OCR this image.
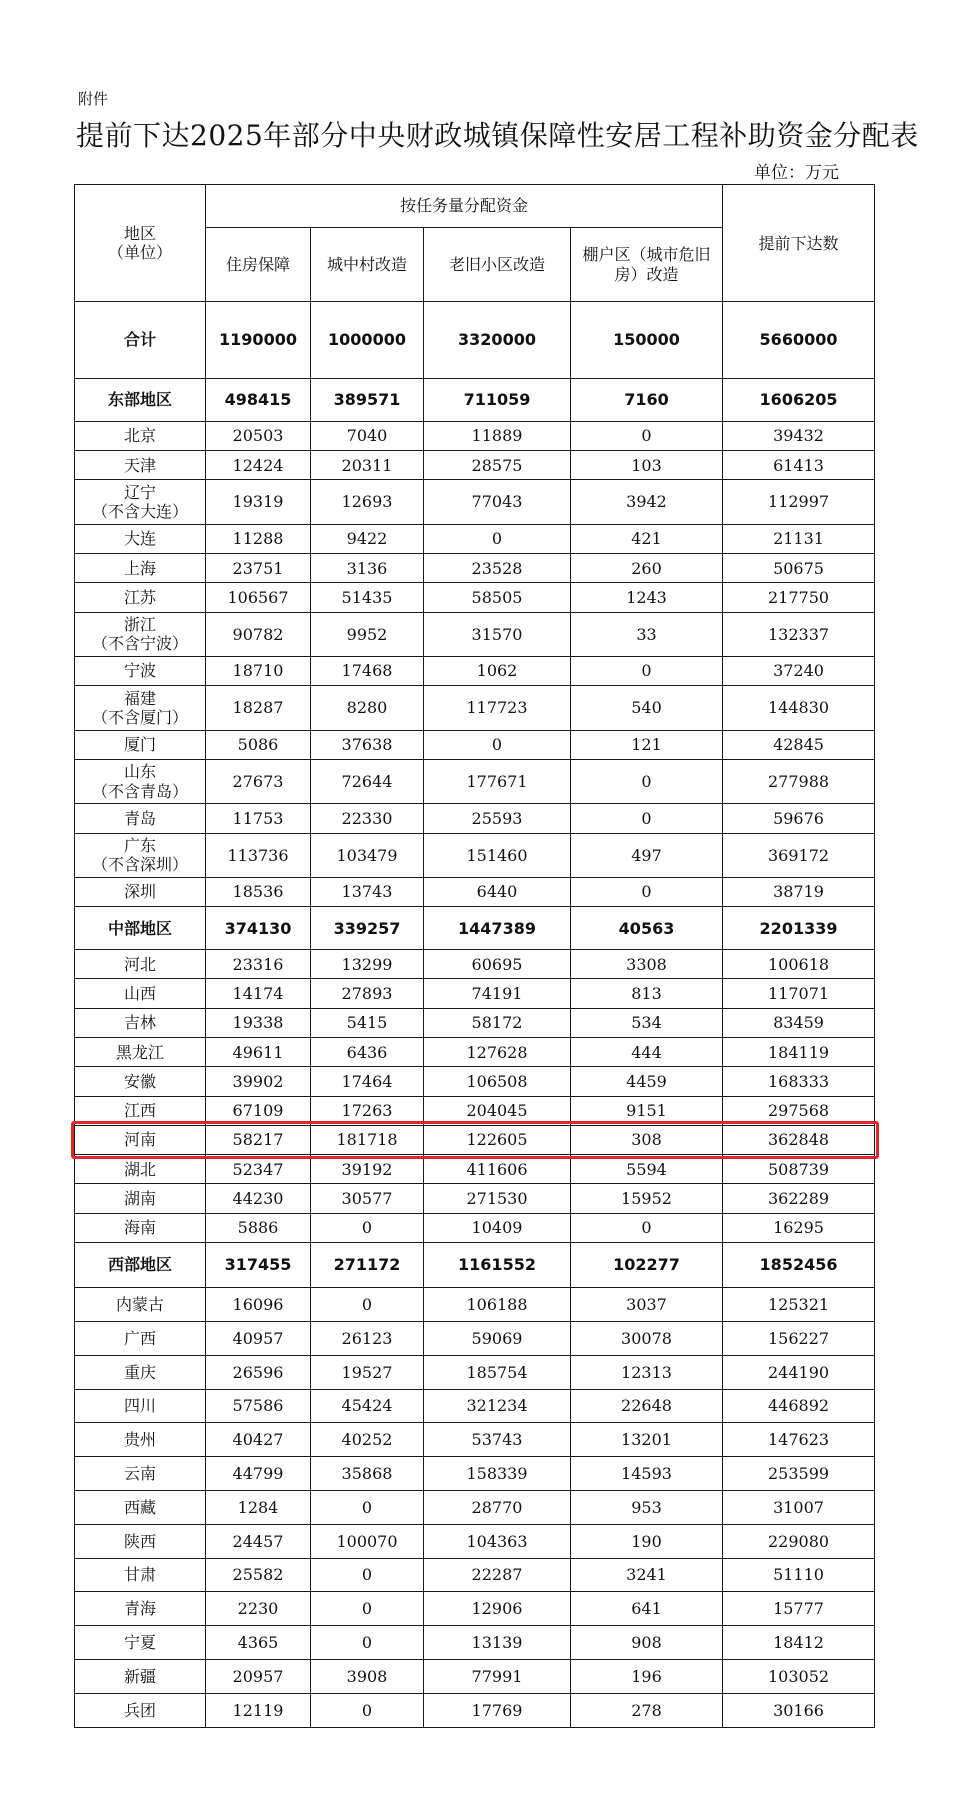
附件
提前下达2025年部分中央财政城镇保障性安居工程补助资金分配表
单位：万元
地区
（单位）	按任务量分配资金				提前下达数
	住房保障	城中村改造	老旧小区改造	棚户区（城市危旧房）改造	

合计	1190000	1000000	3320000	150000	5660000

东部地区	498415	389571	711059	7160	1606205

北京	20503	7040	11889	0	39432

天津	12424	20311	28575	103	61413

辽宁
（不含大连）	19319	12693	77043	3942	112997

大连	11288	9422	0	421	21131

上海	23751	3136	23528	260	50675

江苏	106567	51435	58505	1243	217750

浙江
（不含宁波）	90782	9952	31570	33	132337

宁波	18710	17468	1062	0	37240

福建
（不含厦门）	18287	8280	117723	540	144830

厦门	5086	37638	0	121	42845

山东
（不含青岛）	27673	72644	177671	0	277988

青岛	11753	22330	25593	0	59676

广东
（不含深圳）	113736	103479	151460	497	369172

深圳	18536	13743	6440	0	38719

中部地区	374130	339257	1447389	40563	2201339

河北	23316	13299	60695	3308	100618

山西	14174	27893	74191	813	117071

吉林	19338	5415	58172	534	83459

黑龙江	49611	6436	127628	444	184119

安徽	39902	17464	106508	4459	168333

江西	67109	17263	204045	9151	297568

河南	58217	181718	122605	308	362848

湖北	52347	39192	411606	5594	508739

湖南	44230	30577	271530	15952	362289

海南	5886	0	10409	0	16295

西部地区	317455	271172	1161552	102277	1852456

内蒙古	16096	0	106188	3037	125321

广西	40957	26123	59069	30078	156227

重庆	26596	19527	185754	12313	244190

四川	57586	45424	321234	22648	446892

贵州	40427	40252	53743	13201	147623

云南	44799	35868	158339	14593	253599

西藏	1284	0	28770	953	31007

陕西	24457	100070	104363	190	229080

甘肃	25582	0	22287	3241	51110

青海	2230	0	12906	641	15777

宁夏	4365	0	13139	908	18412

新疆	20957	3908	77991	196	103052

兵团	12119	0	17769	278	30166
